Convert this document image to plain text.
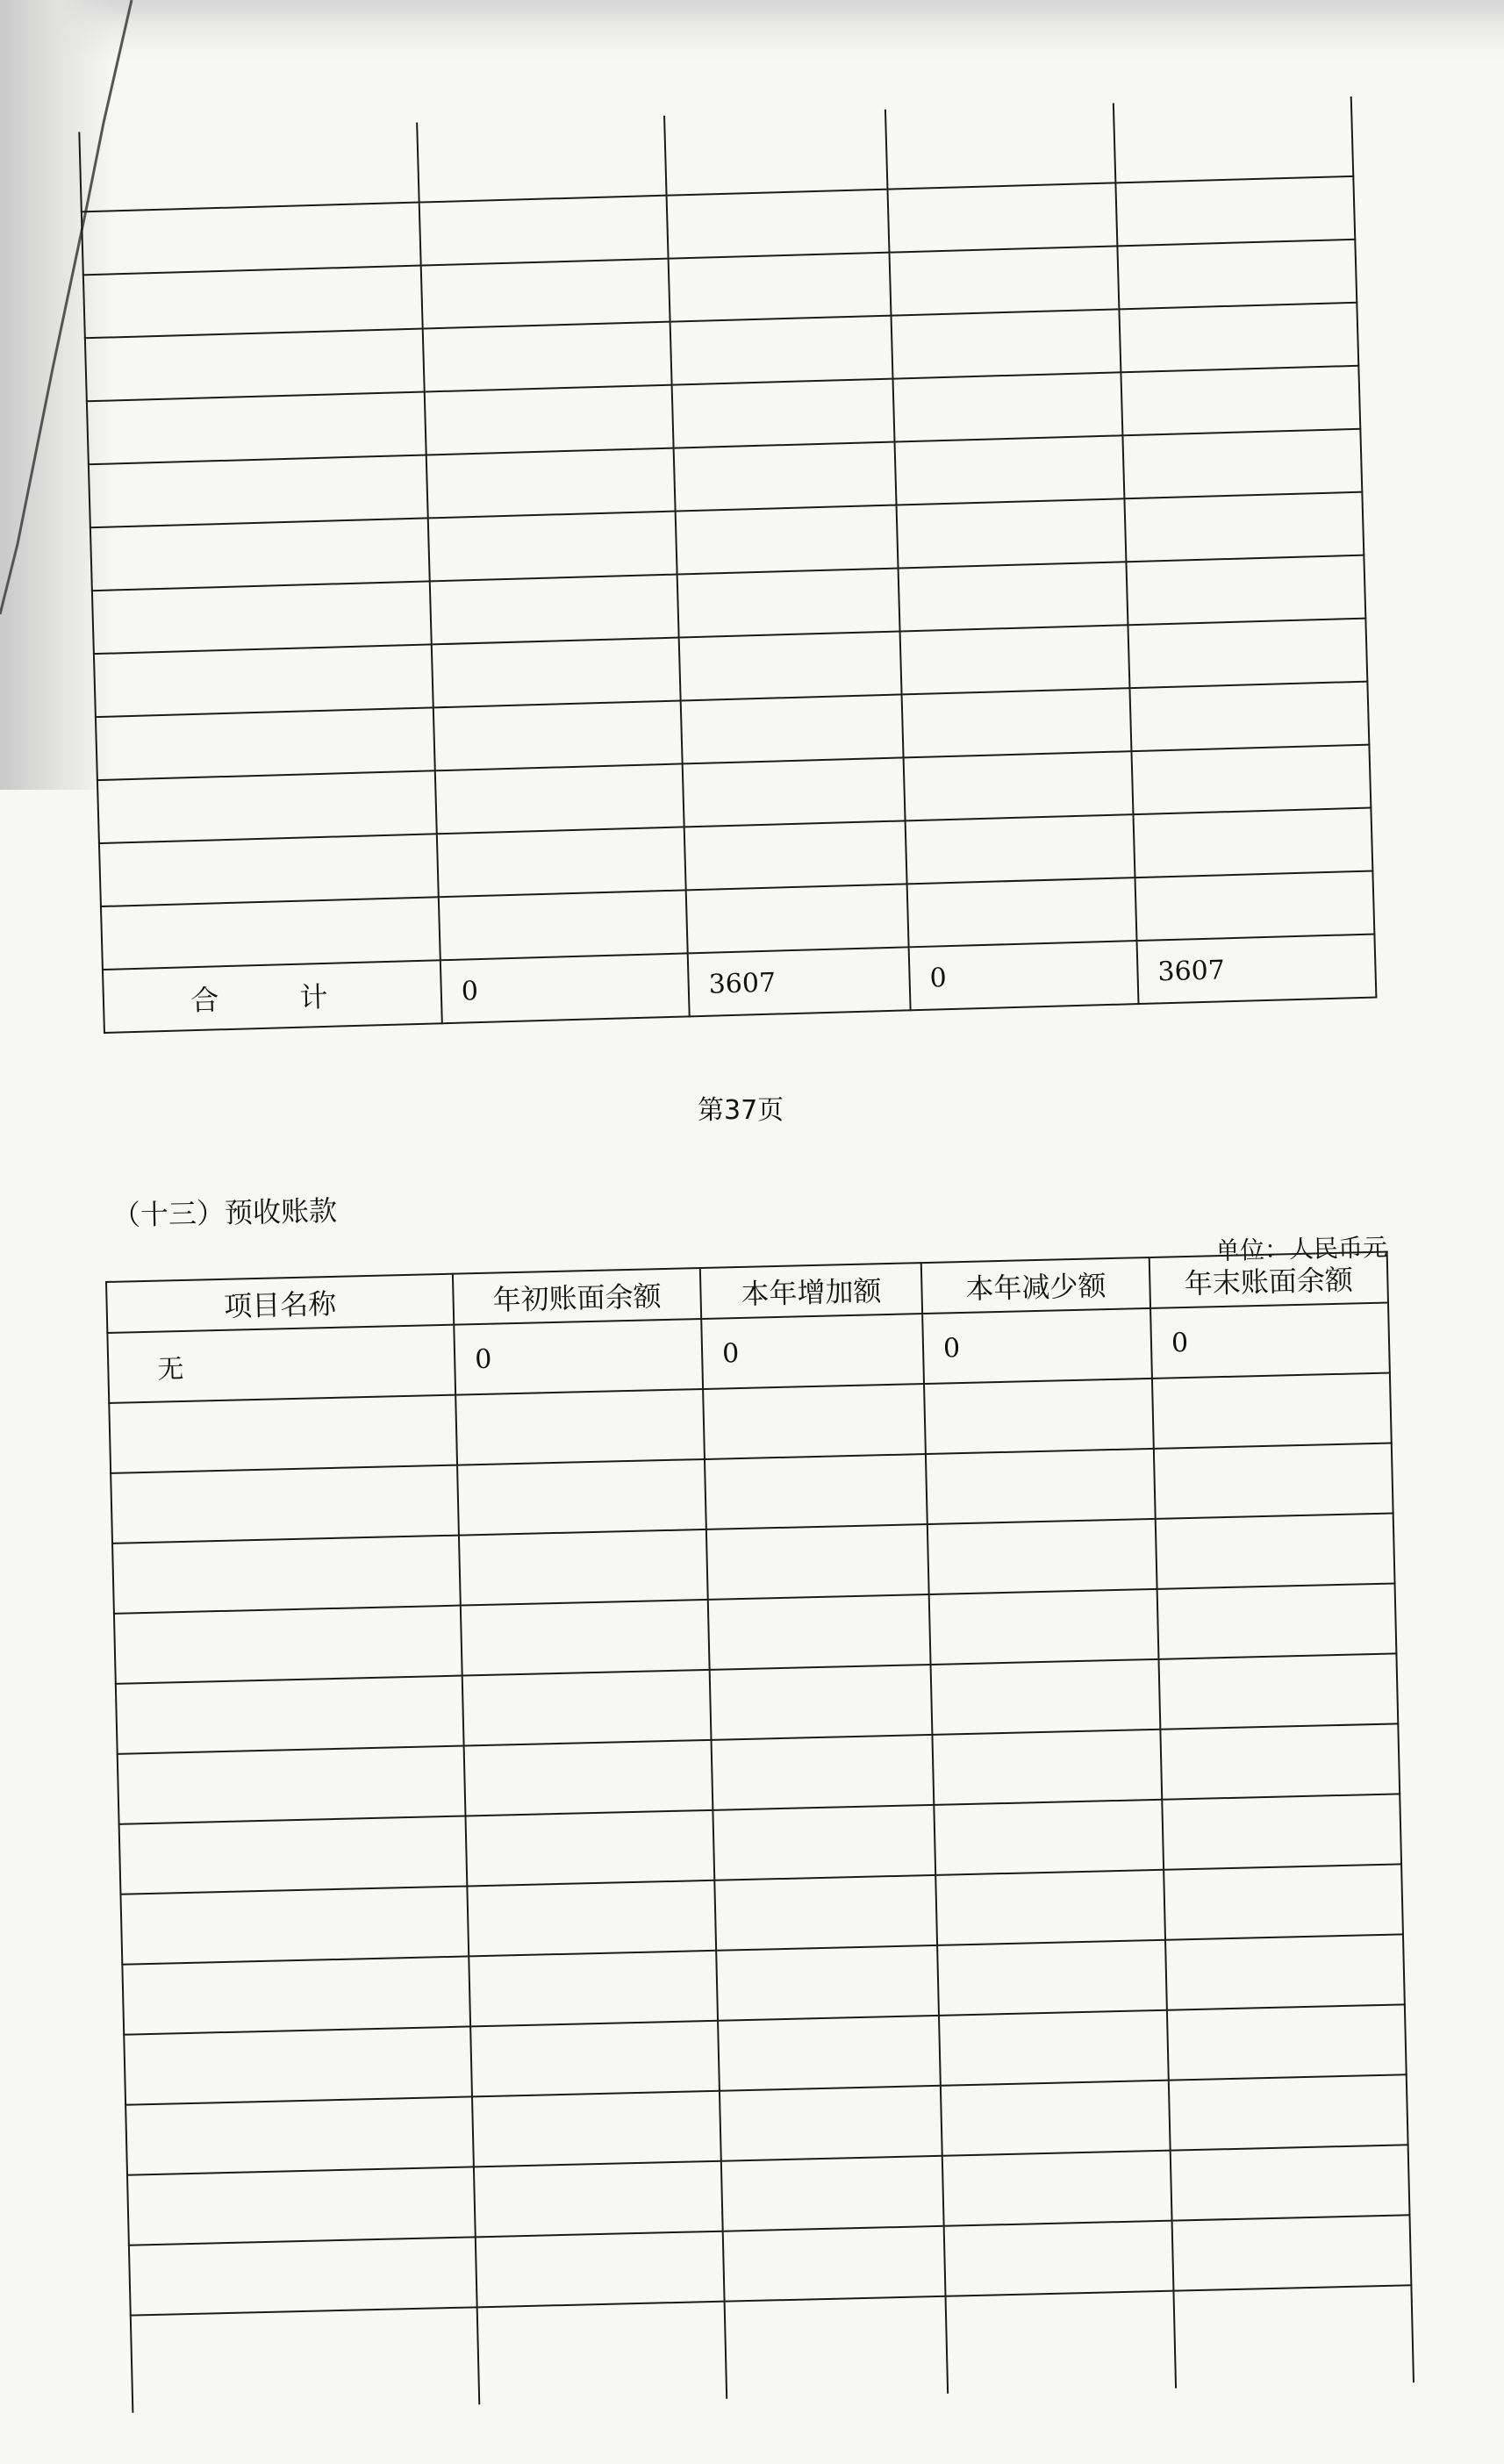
合　计	0	3607	0	3607
第37页
（十三）预收账款
单位：人民币元
项目名称	年初账面余额	本年增加额	本年减少额	年末账面余额
无	0	0	0	0
